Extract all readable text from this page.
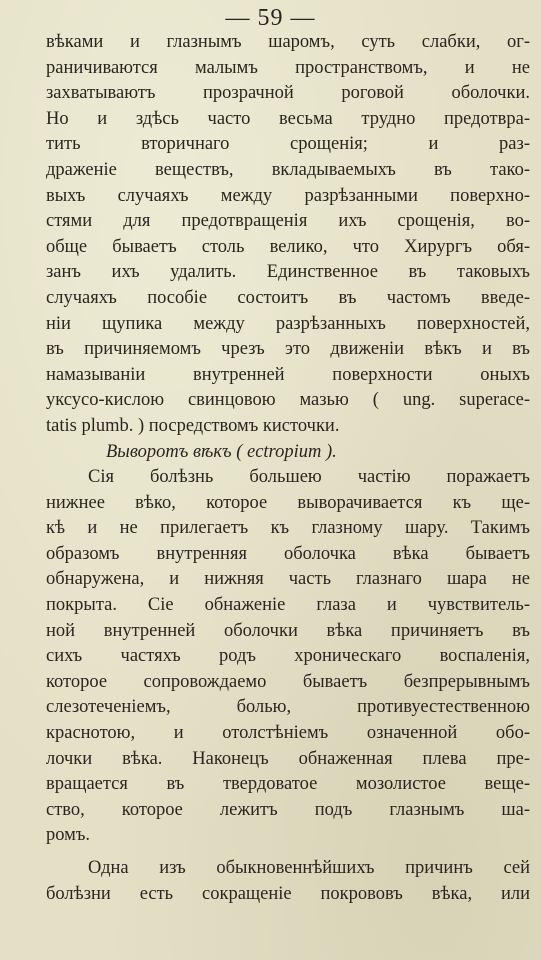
— 59 —
вѣками и глазнымъ шаромъ, суть слабки, ог-
раничиваются малымъ пространствомъ, и не
захватываютъ прозрачной роговой оболочки.
Но и здѣсь часто весьма трудно предотвра-
тить вторичнаго срощенія; и раз-
драженіе веществъ, вкладываемыхъ въ тако-
выхъ случаяхъ между разрѣзанными поверхно-
стями для предотвращенія ихъ срощенія, во-
обще бываетъ столь велико, что Хирургъ обя-
занъ ихъ удалить. Единственное въ таковыхъ
случаяхъ пособіе состоитъ въ частомъ введе-
ніи щупика между разрѣзанныхъ поверхностей,
въ причиняемомъ чрезъ это движеніи вѣкъ и въ
намазываніи внутренней поверхности оныхъ
уксусо-кислою свинцовою мазью ( ung. superace-
tatis plumb. ) посредствомъ кисточки.
Выворотъ вѣкъ ( ectropium ).
Сія болѣзнь большею частію поражаетъ
нижнее вѣко, которое выворачивается къ ще-
кѣ и не прилегаетъ къ глазному шару. Такимъ
образомъ внутренняя оболочка вѣка бываетъ
обнаружена, и нижняя часть глазнаго шара не
покрыта. Сіе обнаженіе глаза и чувствитель-
ной внутренней оболочки вѣка причиняетъ въ
сихъ частяхъ родъ хроническаго воспаленія,
которое сопровождаемо бываетъ безпрерывнымъ
слезотеченіемъ, болью, противуестественною
краснотою, и отолстѣніемъ означенной обо-
лочки вѣка. Наконецъ обнаженная плева пре-
вращается въ твердоватое мозолистое веще-
ство, которое лежитъ подъ глазнымъ ша-
ромъ.
Одна изъ обыкновеннѣйшихъ причинъ сей
болѣзни есть сокращеніе покрововъ вѣка, или
